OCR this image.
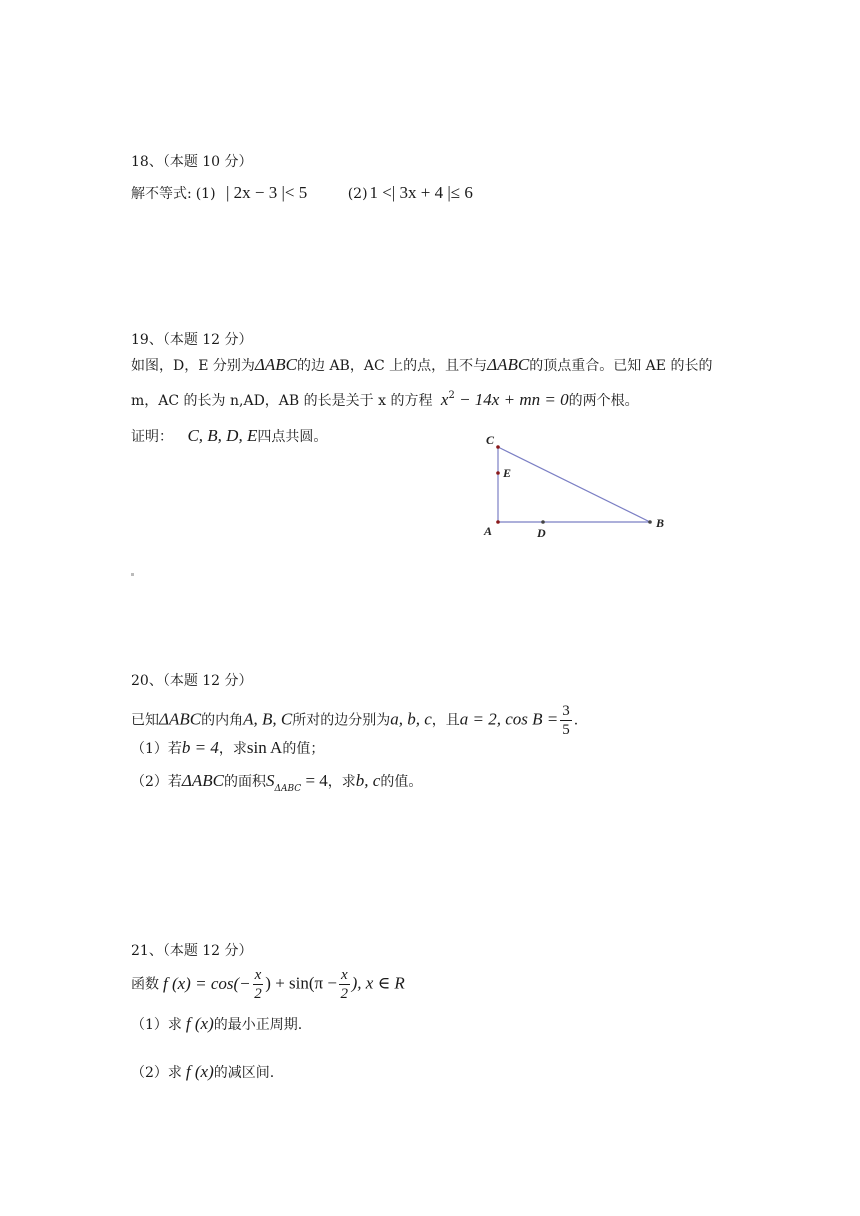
18、（本题 10 分）
解不等式: (1) | 2x − 3 |< 5	(2) 1 <| 3x + 4 |≤ 6
19、（本题 12 分）
如图，D，E 分别为ΔABC的边 AB，AC 上的点，且不与ΔABC的顶点重合。已知 AE 的长的
m，AC 的长为 n,AD，AB 的长是关于 x 的方程 $x^2 - 14x$ + mn = 0的两个根。
证明： C, B, D, E四点共圆。	C
E
A	D
B
20、（本题 12 分）
已知ΔABC的内角A, B, C所对的边分别为a, b, c，且a = 2, $\cos B = \frac{3}{5}$ .
（1）若b = 4，求sin A的值；
（2）若ΔABC的面积$S_{\Delta ABC} = 4$，求b, c的值。
21、（本题 12 分）
函数 f $(x) = \cos(- \frac{x}{2}$ ) + $\sin(\pi - \frac{x}{2}$ ), x ∈ R
（1）求 f (x)的最小正周期.
（2）求 f (x)的减区间.
